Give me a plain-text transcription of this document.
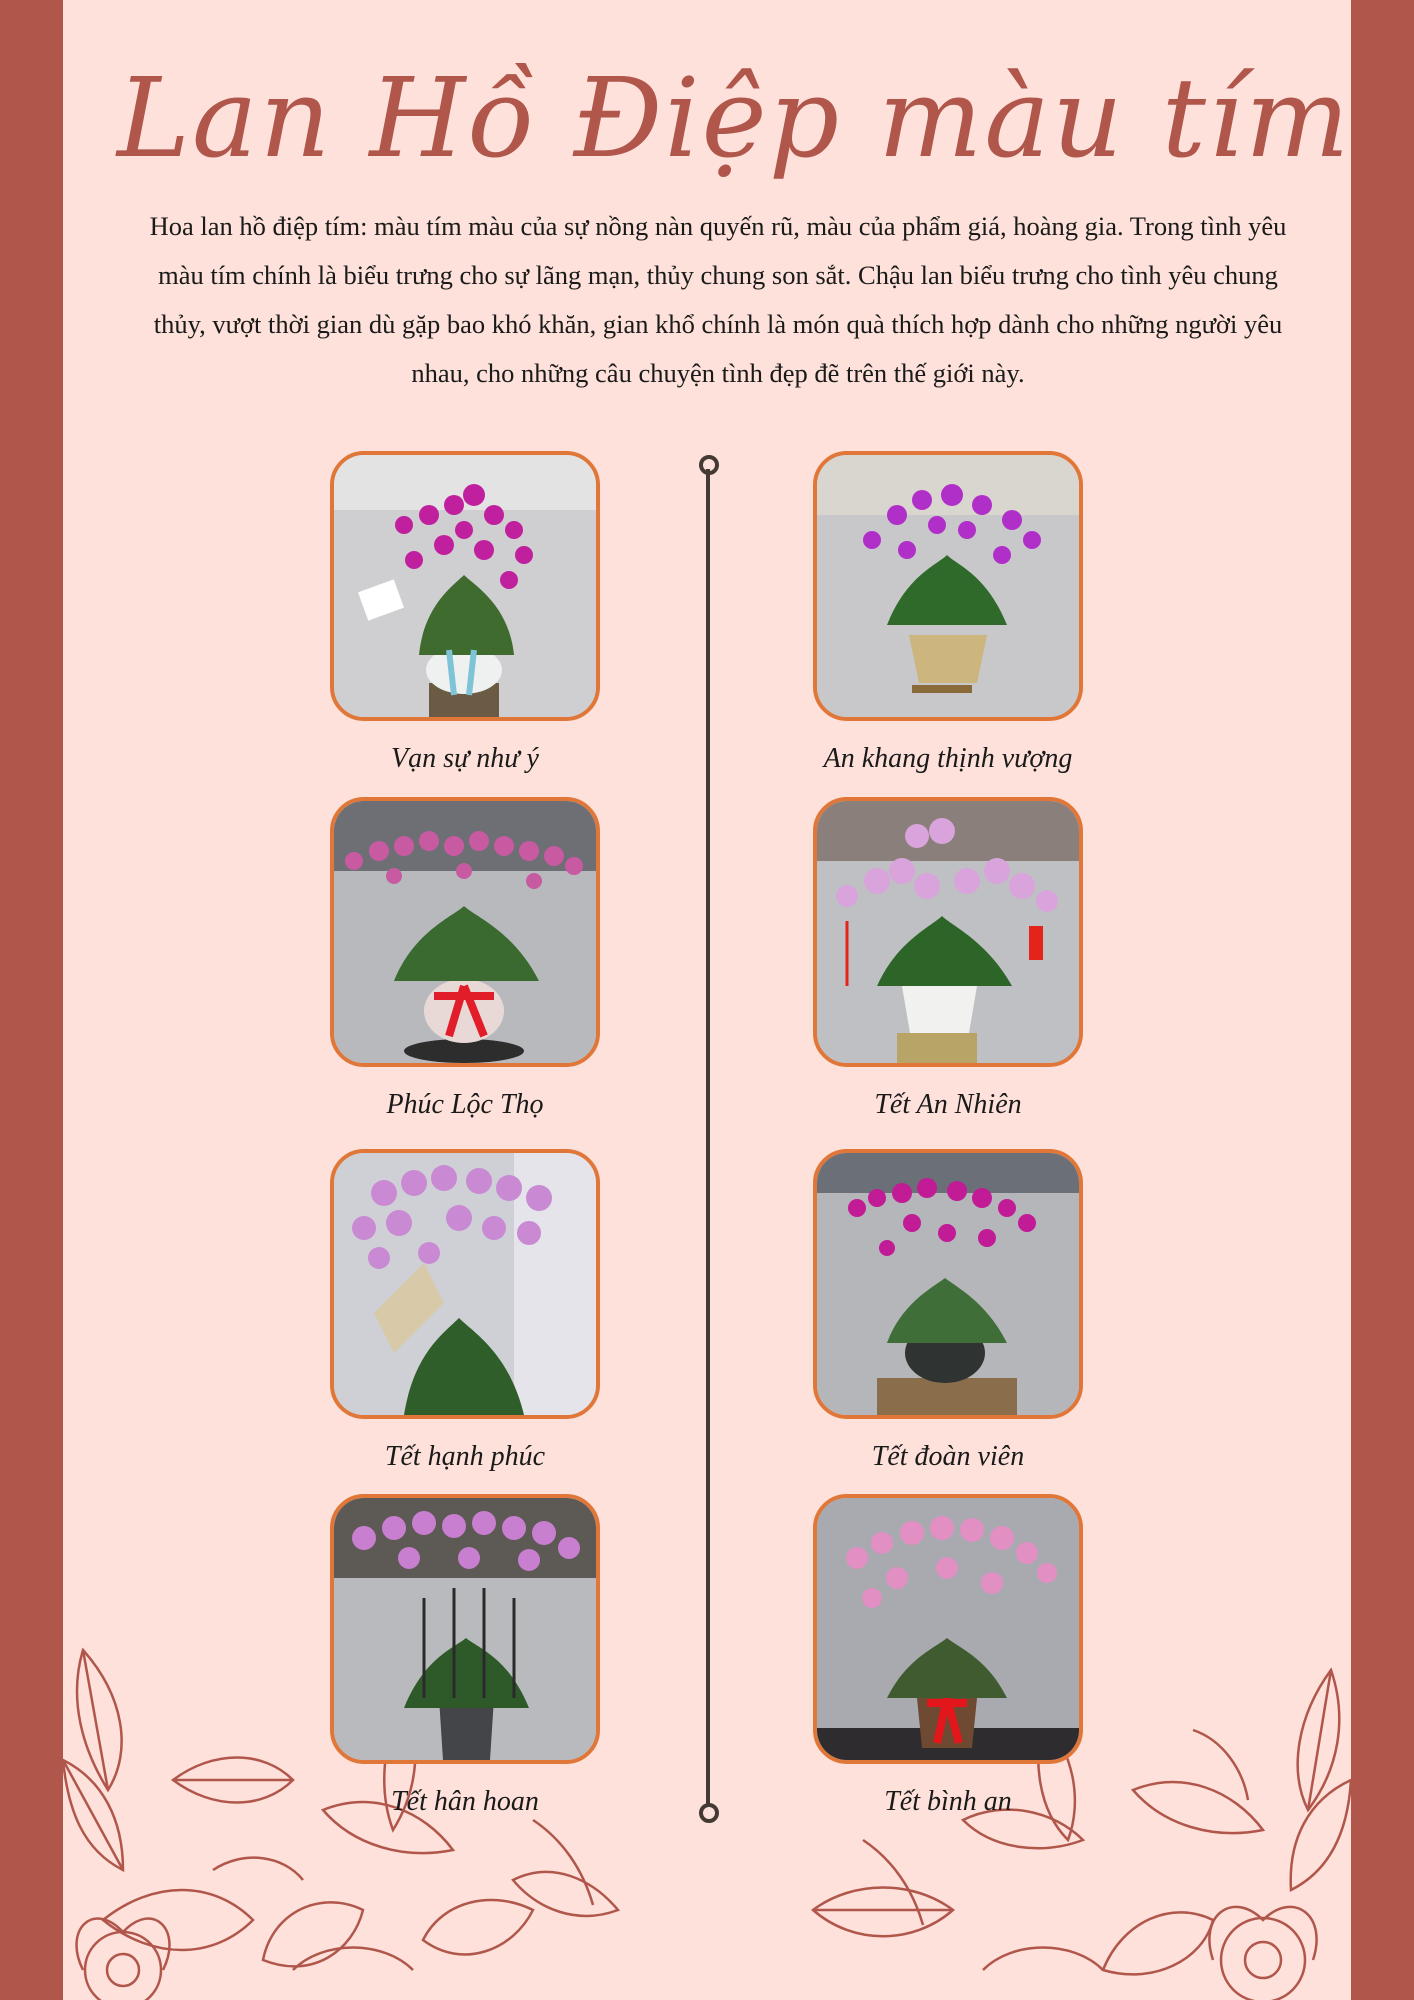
Lan Hồ Điệp màu tím
Hoa lan hồ điệp tím: màu tím màu của sự nồng nàn quyến rũ, màu của phẩm giá, hoàng gia. Trong tình yêu màu tím chính là biểu trưng cho sự lãng mạn, thủy chung son sắt. Chậu lan biểu trưng cho tình yêu chung thủy, vượt thời gian dù gặp bao khó khăn, gian khổ chính là món quà thích hợp dành cho những người yêu nhau, cho những câu chuyện tình đẹp đẽ trên thế giới này.
Vạn sự như ý	An khang thịnh vượng
Phúc Lộc Thọ	Tết An Nhiên
Tết hạnh phúc	Tết đoàn viên
Tết hân hoan	Tết bình an
